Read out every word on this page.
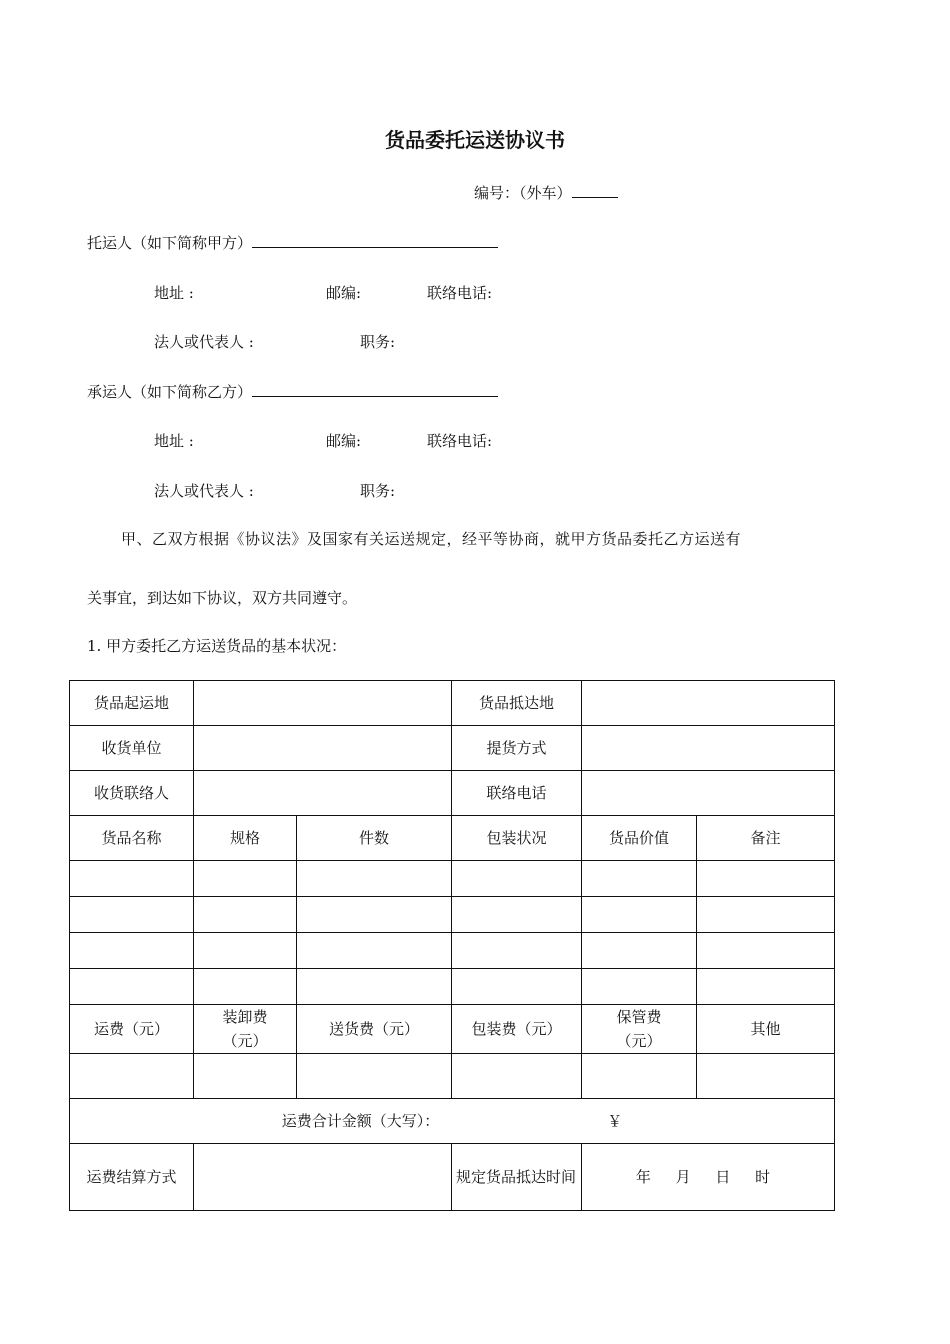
货品委托运送协议书
编号：（外车）
托运人（如下简称甲方）
地址 :	邮编:	联络电话:
法人或代表人 :	职务:
承运人（如下简称乙方）
地址 :	邮编:	联络电话:
法人或代表人 :	职务:
甲、乙双方根据《协议法》及国家有关运送规定，经平等协商，就甲方货品委托乙方运送有
关事宜，到达如下协议，双方共同遵守。
1. 甲方委托乙方运送货品的基本状况：
货品起运地			货品抵达地		
收货单位			提货方式		
收货联络人			联络电话		
货品名称	规格	件数	包装状况	货品价值	备注

运费（元）	装卸费（元）	送货费（元）	包装费（元）	保管费（元）	其他

运费合计金额（大写）： ￥					
运费结算方式			规定货品抵达时间	年 月 日 时	
